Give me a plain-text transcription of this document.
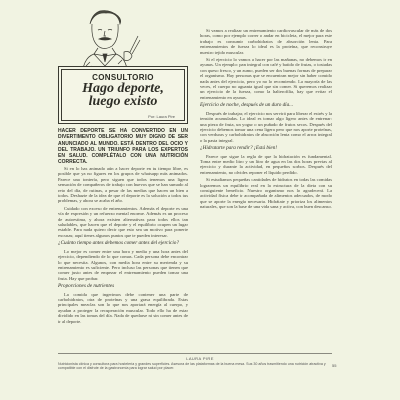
CONSULTORIO
Hago deporte,
luego existo
Por: Laura Pire
HACER DEPORTE SE HA CONVERTIDO EN UN DIVERTIMENTO OBLIGATORIO MUY DIGNO DE SER ANUNCIADO AL MUNDO. ESTÁ DENTRO DEL OCIO Y DEL TRABAJO. UN TRIUNFO PARA LOS EXPERTOS EN SALUD. COMPLÉTALO CON UNA NUTRICIÓN CORRECTA.

Si en lo has animado aún a hacer deporte en tu tiempo libre, es posible que ya no figures en los grupos de whatsapp más animados. Parece una tontería, pero siguen que todos tenemos una ligera sensación de compañeros de trabajo con huevos que se han sumado al reto del día, de rutinas, a pesar de las medias que hacen un bien a todos. Deshazte de la idea de que el deporte es la solución a todos tus problemas, y ahora se acaba el año.

Cuidado con exceso de entrenamientos. Además el deporte es una vía de expresión y un refuerzo mental enorme. Además es un proceso de autoestima, y ahora existen alternativas para todos ellos tan saludables, que hacen que el deporte y el equilibrio ocupen un lugar estable. Para nada quiero decir que esto sea un motivo para ponerte excusas; aquí tienes algunos puntos que te pueden interesar.

¿Cuánto tiempo antes debemos comer antes del ejercicio?

Lo mejor es comer entre una hora y media y una hora antes del ejercicio, dependiendo de lo que comas. Cada persona debe encontrar lo que necesita. Algunos, con media hora entre su merienda y su entrenamiento es suficiente. Pero incluso las personas que tienen que comer justo antes de empezar el entrenamiento pueden tomar una fruta. Hay que probar.

Proporciones de nutrientes

La comida que ingerimos debe contener una parte de carbohidratos, otra de proteínas y una grasa equilibrada. Estas principales mezclas son lo que nos aportará energía al cuerpo, y ayudan a proteger la recuperación muscular. Todo ello ha de estar dividido en las tomas del día. Nada de quedarse ni sin comer antes de ir al deporte.

Si vamos a realizar un entrenamiento cardiovascular de más de dos horas, como por ejemplo correr o andar en bicicleta, el mejor para este trabajo es consumir carbohidratos de absorción lenta. Para entrenamientos de fuerza lo ideal es la proteína, que reconstruye nuestro tejido muscular.

Si el ejercicio lo vamos a hacer por las mañanas, no debemos ir en ayunas. Un ejemplo: pan integral con café y batido de frutas, o tostadas con queso fresco, y un zumo, pueden ser dos buenas formas de preparar el organismo. Hay personas que se encuentran mejor sin haber comido nada antes del ejercicio, pero yo no lo recomiendo. La mayoría de las veces, el cuerpo no aguanta igual que sin comer. Si queremos realizar un ejercicio de la fuerza, como la halterofilia, hay que evitar el entrenamiento en ayunas.

Ejercicio de noche, después de un duro día...

Después de trabajar, el ejercicio nos servirá para liberar el estrés y la tensión acumuladas. Lo ideal es tomar algo ligero antes de entrenar: una pieza de fruta, un yogur o un puñado de frutos secos. Después del ejercicio debemos tomar una cena ligera pero que nos aporte proteínas, con verduras y carbohidratos de absorción lenta como el arroz integral o la pasta integral.

¿Hidratarte para rendir? ¡Está bien!

Parece que sigue la regla de que la hidratación es fundamental. Toma entre medio litro y un litro de agua en las dos horas previas al ejercicio y durante la actividad, en pequeños sorbos. Después del entrenamiento, no olvides reponer el líquido perdido.

Si estudiamos pequeñas cantidades de hidratos en todas las comidas lograremos un equilibrio real en la estructura de la dieta con su consiguiente beneficio. Nuestro organismo nos lo agradecerá. La actividad física debe ir acompañada de alimentos adecuados, de modo que se aporte la energía necesaria. Hidrátate y prioriza los alimentos naturales, que son la base de una vida sana y activa, con buen descanso.

LAURA PIRE
Nutricionista clínica y consultora para hostelería y grandes superficies. Asesora de las plataformas de la buena mesa. Sus 30 años trasmitiendo una nutrición atractiva y compatible con el disfrute de la gastronomía para lograr salud por placer.
55
